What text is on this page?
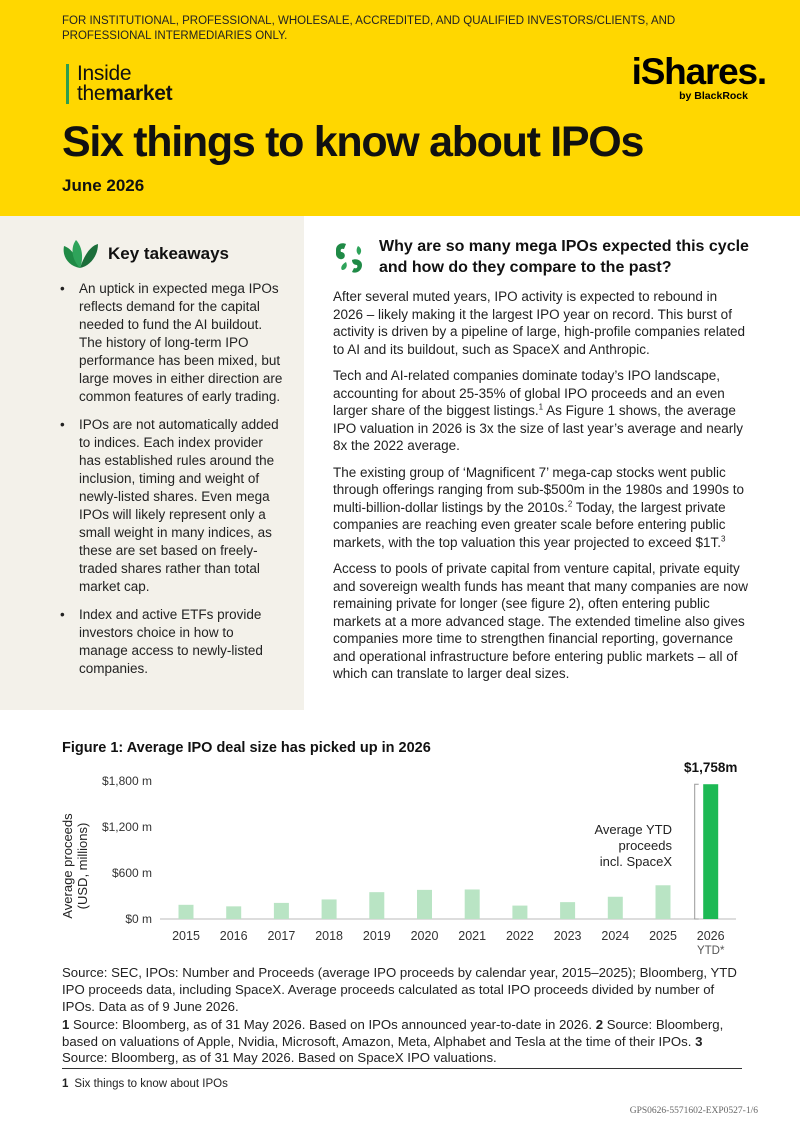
FOR INSTITUTIONAL, PROFESSIONAL, WHOLESALE, ACCREDITED, AND QUALIFIED INVESTORS/CLIENTS, AND PROFESSIONAL INTERMEDIARIES ONLY.
Inside
themarket
iShares.
by BlackRock
Six things to know about IPOs
June 2026
Key takeaways
• An uptick in expected mega IPOs reflects demand for the capital needed to fund the AI buildout. The history of long-term IPO performance has been mixed, but large moves in either direction are common features of early trading.
• IPOs are not automatically added to indices. Each index provider has established rules around the inclusion, timing and weight of newly-listed shares. Even mega IPOs will likely represent only a small weight in many indices, as these are set based on freely-traded shares rather than total market cap.
• Index and active ETFs provide investors choice in how to manage access to newly-listed companies.
Why are so many mega IPOs expected this cycle and how do they compare to the past?

After several muted years, IPO activity is expected to rebound in 2026 – likely making it the largest IPO year on record. This burst of activity is driven by a pipeline of large, high-profile companies related to AI and its buildout, such as SpaceX and Anthropic.

Tech and AI-related companies dominate today’s IPO landscape, accounting for about 25-35% of global IPO proceeds and an even larger share of the biggest listings.$^1$ As Figure 1 shows, the average IPO valuation in 2026 is 3x the size of last year’s average and nearly 8x the 2022 average.

The existing group of ‘Magnificent 7’ mega-cap stocks went public through offerings ranging from sub-$500m in the 1980s and 1990s to multi-billion-dollar listings by the 2010s.$^2$ Today, the largest private companies are reaching even greater scale before entering public markets, with the top valuation this year projected to exceed $1T.$^3$

Access to pools of private capital from venture capital, private equity and sovereign wealth funds has meant that many companies are now remaining private for longer (see figure 2), often entering public markets at a more advanced stage. The extended timeline also gives companies more time to strengthen financial reporting, governance and operational infrastructure before entering public markets – all of which can translate to larger deal sizes.

Figure 1: Average IPO deal size has picked up in 2026
$0 m
$600 m
$1,200 m
$1,800 m
Average proceeds(USD, millions)
2015 2016 2017 2018 2019 2020 2021 2022 2023 2024 2025 2026
YTD*
$1,758m
Average YTD
proceeds
incl. SpaceX
Source: SEC, IPOs: Number and Proceeds (average IPO proceeds by calendar year, 2015–2025); Bloomberg, YTD IPO proceeds data, including SpaceX. Average proceeds calculated as total IPO proceeds divided by number of IPOs. Data as of 9 June 2026.
1 Source: Bloomberg, as of 31 May 2026. Based on IPOs announced year-to-date in 2026. 2 Source: Bloomberg, based on valuations of Apple, Nvidia, Microsoft, Amazon, Meta, Alphabet and Tesla at the time of their IPOs. 3 Source: Bloomberg, as of 31 May 2026. Based on SpaceX IPO valuations.
1 Six things to know about IPOs
GPS0626-5571602-EXP0527-1/6
